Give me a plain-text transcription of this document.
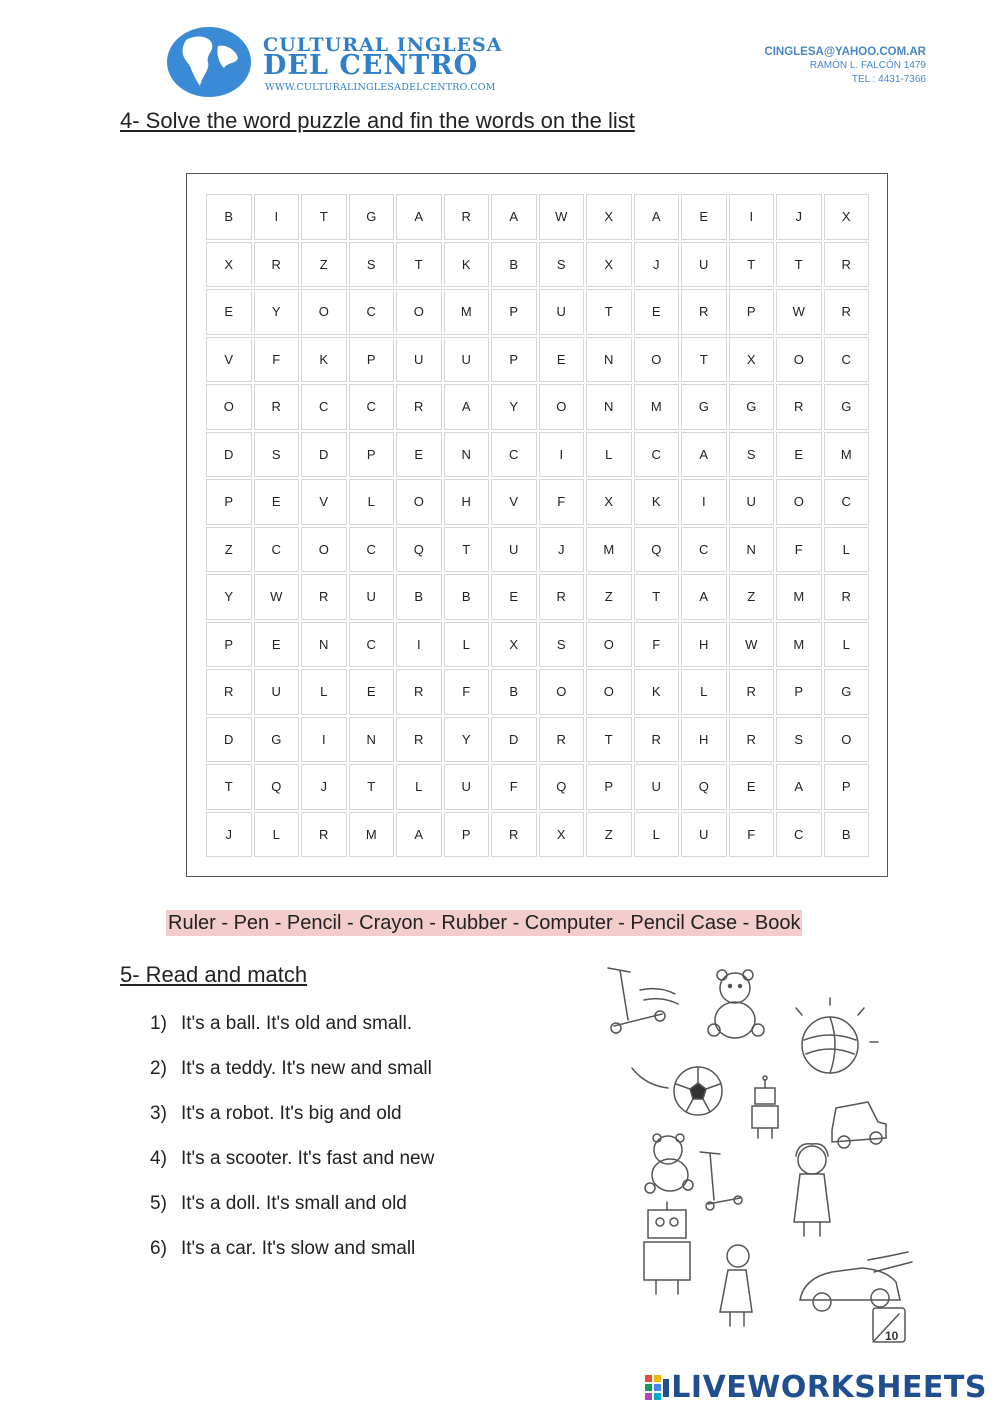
CULTURAL INGLESA
DEL CENTRO
WWW.CULTURALINGLESADELCENTRO.COM
CINGLESA@YAHOO.COM.AR
RAMÓN L. FALCÓN 1479
TEL : 4431-7366
4- Solve the word puzzle and fin the words on the list
B	I	T	G	A	R	A	W	X	A	E	I	J	X
X	R	Z	S	T	K	B	S	X	J	U	T	T	R
E	Y	O	C	O	M	P	U	T	E	R	P	W	R
V	F	K	P	U	U	P	E	N	O	T	X	O	C
O	R	C	C	R	A	Y	O	N	M	G	G	R	G
D	S	D	P	E	N	C	I	L	C	A	S	E	M
P	E	V	L	O	H	V	F	X	K	I	U	O	C
Z	C	O	C	Q	T	U	J	M	Q	C	N	F	L
Y	W	R	U	B	B	E	R	Z	T	A	Z	M	R
P	E	N	C	I	L	X	S	O	F	H	W	M	L
R	U	L	E	R	F	B	O	O	K	L	R	P	G
D	G	I	N	R	Y	D	R	T	R	H	R	S	O
T	Q	J	T	L	U	F	Q	P	U	Q	E	A	P
J	L	R	M	A	P	R	X	Z	L	U	F	C	B
Ruler - Pen - Pencil - Crayon - Rubber - Computer - Pencil Case - Book
5- Read and match
1) It's a ball. It's old and small.
2) It's a teddy. It's new and small
3) It's a robot. It's big and old
4) It's a scooter. It's fast and new
5) It's a doll. It's small and old
6) It's a car. It's slow and small
10
LIVEWORKSHEETS
